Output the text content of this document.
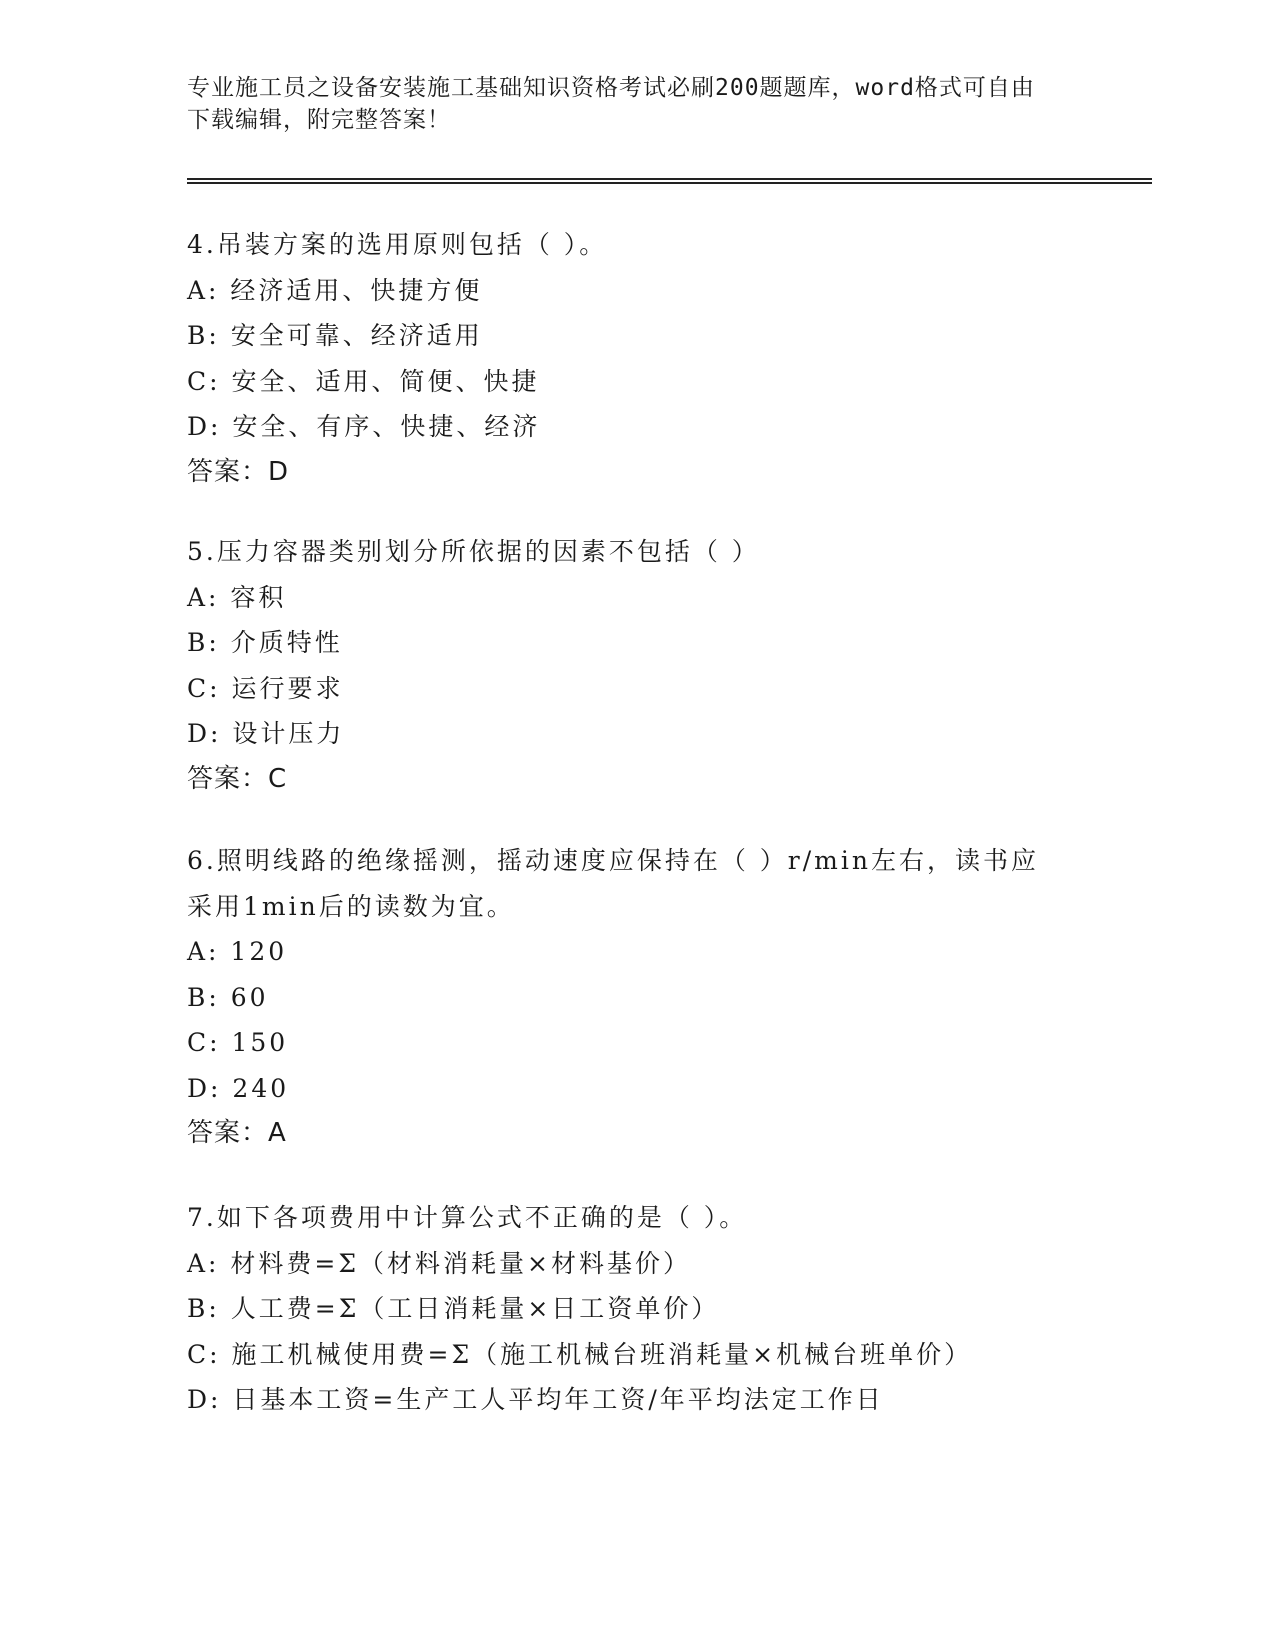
专业施工员之设备安装施工基础知识资格考试必刷200题题库，word格式可自由
下载编辑，附完整答案！
4.吊装方案的选用原则包括（ ）。
A: 经济适用、快捷方便
B: 安全可靠、经济适用
C: 安全、适用、简便、快捷
D: 安全、有序、快捷、经济
答案：D
5.压力容器类别划分所依据的因素不包括（ ）
A: 容积
B: 介质特性
C: 运行要求
D: 设计压力
答案：C
6.照明线路的绝缘摇测，摇动速度应保持在（ ）r/min左右，读书应
采用1min后的读数为宜。
A: 120
B: 60
C: 150
D: 240
答案：A
7.如下各项费用中计算公式不正确的是（ ）。
A: 材料费=Σ（材料消耗量×材料基价）
B: 人工费=Σ（工日消耗量×日工资单价）
C: 施工机械使用费=Σ（施工机械台班消耗量×机械台班单价）
D: 日基本工资=生产工人平均年工资/年平均法定工作日
